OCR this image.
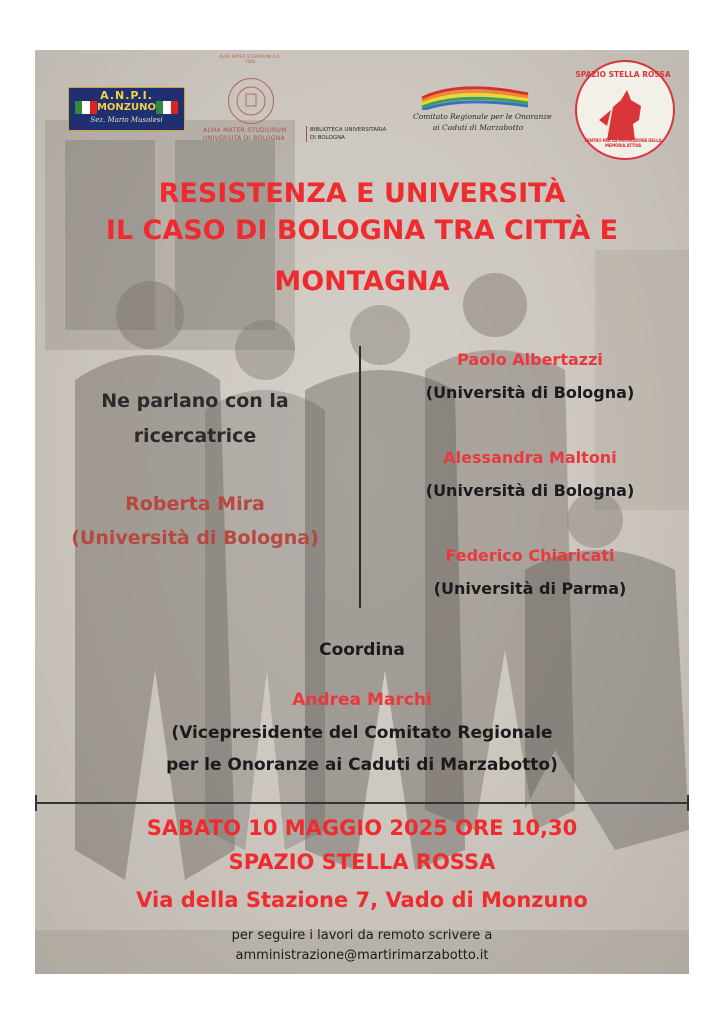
A.N.P.I.
MONZUNO
Sez. Mario Musolesi
ALMA MATER STUDIORUM A.D. 1088
ALMA MATER STUDIORUM
UNIVERSITÀ DI BOLOGNA
BIBLIOTECA UNIVERSITARIA
DI BOLOGNA
Comitato Regionale per le Onoranze
ai Caduti di Marzabotto
SPAZIO STELLA ROSSA
CENTRO PER LA PROMOZIONE DELLA MEMORIA ATTIVA
RESISTENZA E UNIVERSITÀ
IL CASO DI BOLOGNA TRA CITTÀ E
MONTAGNA
Ne parlano con la
ricercatrice
Roberta Mira
(Università di Bologna)
Paolo Albertazzi
(Università di Bologna)
Alessandra Maltoni
(Università di Bologna)
Federico Chiaricati
(Università di Parma)
Coordina
Andrea Marchi
(Vicepresidente del Comitato Regionale
per le Onoranze ai Caduti di Marzabotto)
SABATO 10 MAGGIO 2025 ORE 10,30
SPAZIO STELLA ROSSA
Via della Stazione 7, Vado di Monzuno
per seguire i lavori da remoto scrivere a
amministrazione@martirimarzabotto.it
